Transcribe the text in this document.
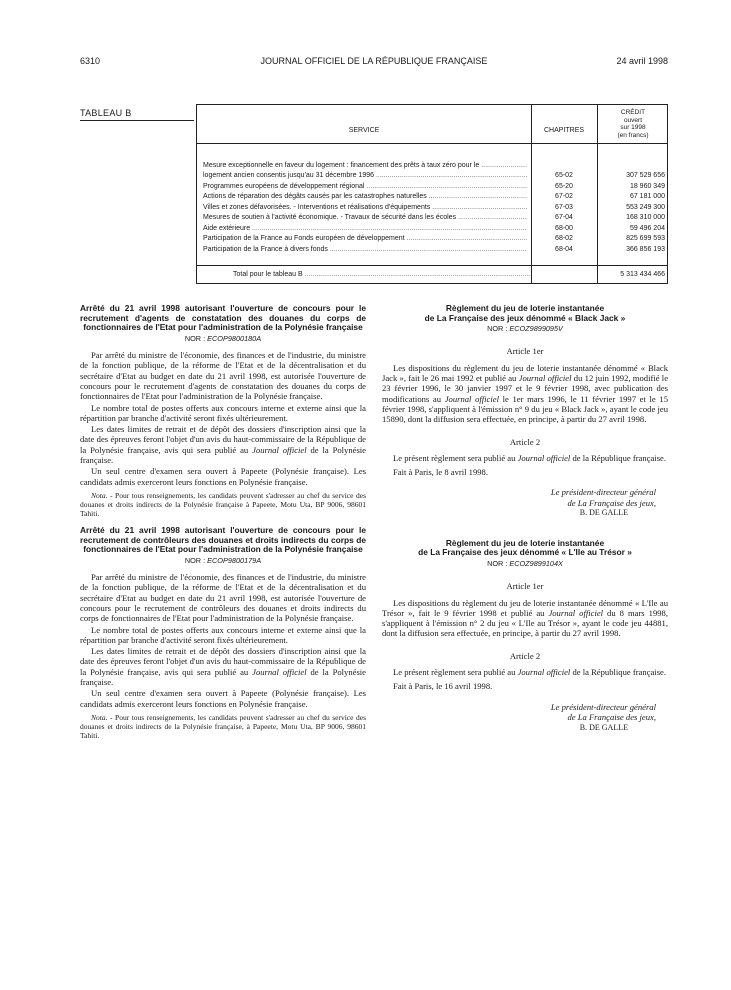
6310	JOURNAL OFFICIEL DE LA RÉPUBLIQUE FRANÇAISE	24 avril 1998
TABLEAU B
SERVICE	CHAPITRES
CRÉDIT
ouvert
sur 1998
(en francs)
Mesure exceptionnelle en faveur du logement : financement des prêts à taux zéro pour le .....
logement ancien consentis jusqu'au 31 décembre 1996 .....	65-02	307 529 656
Programmes européens de développement régional .....	65-20	18 960 349
Actions de réparation des dégâts causés par les catastrophes naturelles .....	67-02	67 181 000
Villes et zones défavorisées. - Interventions et réalisations d'équipements .....	67-03	553 249 300
Mesures de soutien à l'activité économique. - Travaux de sécurité dans les écoles .....	67-04	168 310 000
Aide extérieure .....	68-00	59 496 204
Participation de la France au Fonds européen de développement .....	68-02	825 699 593
Participation de la France à divers fonds .....	68-04	366 856 193
Total pour le tableau B .....	5 313 434 466
Arrêté du 21 avril 1998 autorisant l'ouverture de concours pour le recrutement d'agents de constatation des douanes du corps de fonctionnaires de l'Etat pour l'administration de la Polynésie française
NOR : ECOP9800180A

Par arrêté du ministre de l'économie, des finances et de l'industrie, du ministre de la fonction publique, de la réforme de l'Etat et de la décentralisation et du secrétaire d'Etat au budget en date du 21 avril 1998, est autorisée l'ouverture de concours pour le recrutement d'agents de constatation des douanes du corps de fonctionnaires de l'Etat pour l'administration de la Polynésie française.

Le nombre total de postes offerts aux concours interne et externe ainsi que la répartition par branche d'activité seront fixés ultérieurement.

Les dates limites de retrait et de dépôt des dossiers d'inscription ainsi que la date des épreuves feront l'objet d'un avis du haut-commissaire de la République de la Polynésie française, avis qui sera publié au Journal officiel de la Polynésie française.

Un seul centre d'examen sera ouvert à Papeete (Polynésie française). Les candidats admis exerceront leurs fonctions en Polynésie française.

Nota. - Pour tous renseignements, les candidats peuvent s'adresser au chef du service des douanes et droits indirects de la Polynésie française à Papeete, Motu Uta, BP 9006, 98601 Tahiti.

Arrêté du 21 avril 1998 autorisant l'ouverture de concours pour le recrutement de contrôleurs des douanes et droits indirects du corps de fonctionnaires de l'Etat pour l'administration de la Polynésie française
NOR : ECOP9800179A

Par arrêté du ministre de l'économie, des finances et de l'industrie, du ministre de la fonction publique, de la réforme de l'Etat et de la décentralisation et du secrétaire d'Etat au budget en date du 21 avril 1998, est autorisée l'ouverture de concours pour le recrutement de contrôleurs des douanes et droits indirects du corps de fonctionnaires de l'Etat pour l'administration de la Polynésie française.

Le nombre total de postes offerts aux concours interne et externe ainsi que la répartition par branche d'activité seront fixés ultérieurement.

Les dates limites de retrait et de dépôt des dossiers d'inscription ainsi que la date des épreuves feront l'objet d'un avis du haut-commissaire de la République de la Polynésie française, avis qui sera publié au Journal officiel de la Polynésie française.

Un seul centre d'examen sera ouvert à Papeete (Polynésie française). Les candidats admis exerceront leurs fonctions en Polynésie française.

Nota. - Pour tous renseignements, les candidats peuvent s'adresser au chef du service des douanes et droits indirects de la Polynésie française, à Papeete, Motu Uta, BP 9006, 98601 Tahiti.

Règlement du jeu de loterie instantanée
de La Française des jeux dénommé « Black Jack »
NOR : ECOZ9899095V
Article 1er

Les dispositions du règlement du jeu de loterie instantanée dénommé « Black Jack », fait le 26 mai 1992 et publié au Journal officiel du 12 juin 1992, modifié le 23 février 1996, le 30 janvier 1997 et le 9 février 1998, avec publication des modifications au Journal officiel le 1er mars 1996, le 11 février 1997 et le 15 février 1998, s'appliquent à l'émission n° 9 du jeu « Black Jack », ayant le code jeu 15890, dont la diffusion sera effectuée, en principe, à partir du 27 avril 1998.

Article 2

Le présent règlement sera publié au Journal officiel de la République française.

Fait à Paris, le 8 avril 1998.

Le président-directeur général
de La Française des jeux,
B. DE GALLE
Règlement du jeu de loterie instantanée
de La Française des jeux dénommé « L'Ile au Trésor »
NOR : ECOZ9899104X
Article 1er

Les dispositions du règlement du jeu de loterie instantanée dénommé « L'Ile au Trésor », fait le 9 février 1998 et publié au Journal officiel du 8 mars 1998, s'appliquent à l'émission n° 2 du jeu « L'Ile au Trésor », ayant le code jeu 44881, dont la diffusion sera effectuée, en principe, à partir du 27 avril 1998.

Article 2

Le présent règlement sera publié au Journal officiel de la République française.

Fait à Paris, le 16 avril 1998.

Le président-directeur général
de La Française des jeux,
B. DE GALLE
